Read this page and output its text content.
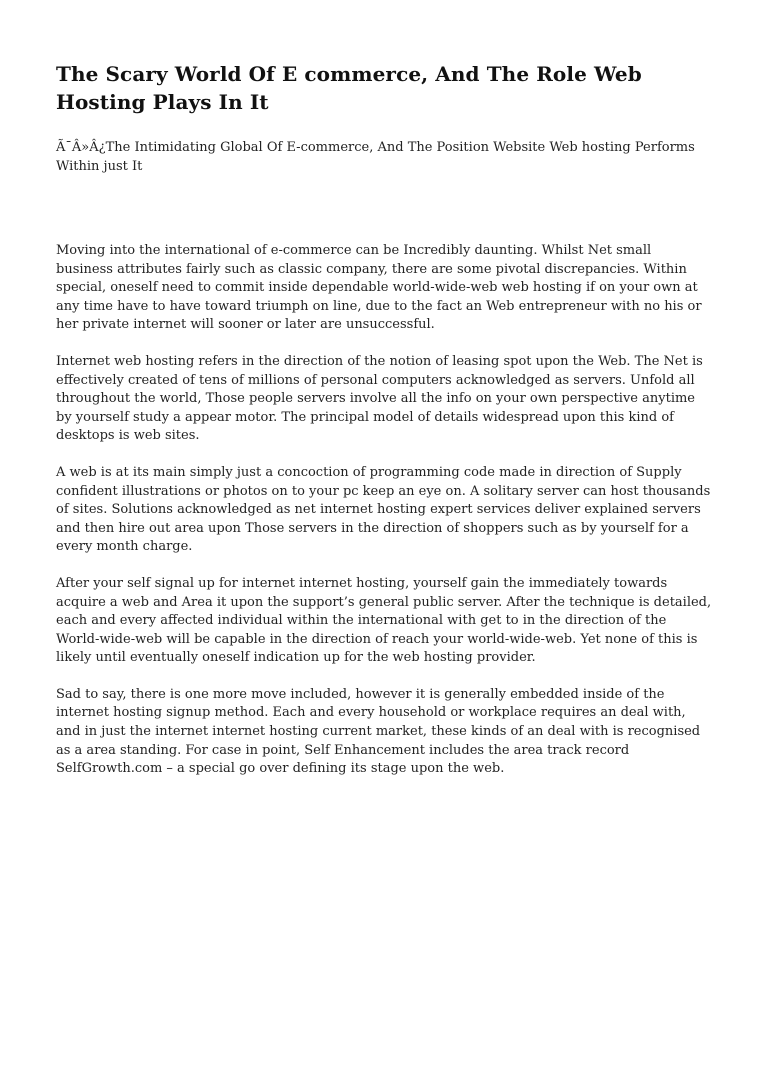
The Scary World Of E commerce, And The Role Web Hosting Plays In It

Ã¯Â»Â¿The Intimidating Global Of E-commerce, And The Position Website Web hosting Performs Within just It

Moving into the international of e-commerce can be Incredibly daunting. Whilst Net small business attributes fairly such as classic company, there are some pivotal discrepancies. Within special, oneself need to commit inside dependable world-wide-web web hosting if on your own at any time have to have toward triumph on line, due to the fact an Web entrepreneur with no his or her private internet will sooner or later are unsuccessful.

Internet web hosting refers in the direction of the notion of leasing spot upon the Web. The Net is effectively created of tens of millions of personal computers acknowledged as servers. Unfold all throughout the world, Those people servers involve all the info on your own perspective anytime by yourself study a appear motor. The principal model of details widespread upon this kind of desktops is web sites.

A web is at its main simply just a concoction of programming code made in direction of Supply confident illustrations or photos on to your pc keep an eye on. A solitary server can host thousands of sites. Solutions acknowledged as net internet hosting expert services deliver explained servers and then hire out area upon Those servers in the direction of shoppers such as by yourself for a every month charge.

After your self signal up for internet internet hosting, yourself gain the immediately towards acquire a web and Area it upon the support’s general public server. After the technique is detailed, each and every affected individual within the international with get to in the direction of the World-wide-web will be capable in the direction of reach your world-wide-web. Yet none of this is likely until eventually oneself indication up for the web hosting provider.

Sad to say, there is one more move included, however it is generally embedded inside of the internet hosting signup method. Each and every household or workplace requires an deal with, and in just the internet internet hosting current market, these kinds of an deal with is recognised as a area standing. For case in point, Self Enhancement includes the area track record SelfGrowth.com – a special go over defining its stage upon the web.
